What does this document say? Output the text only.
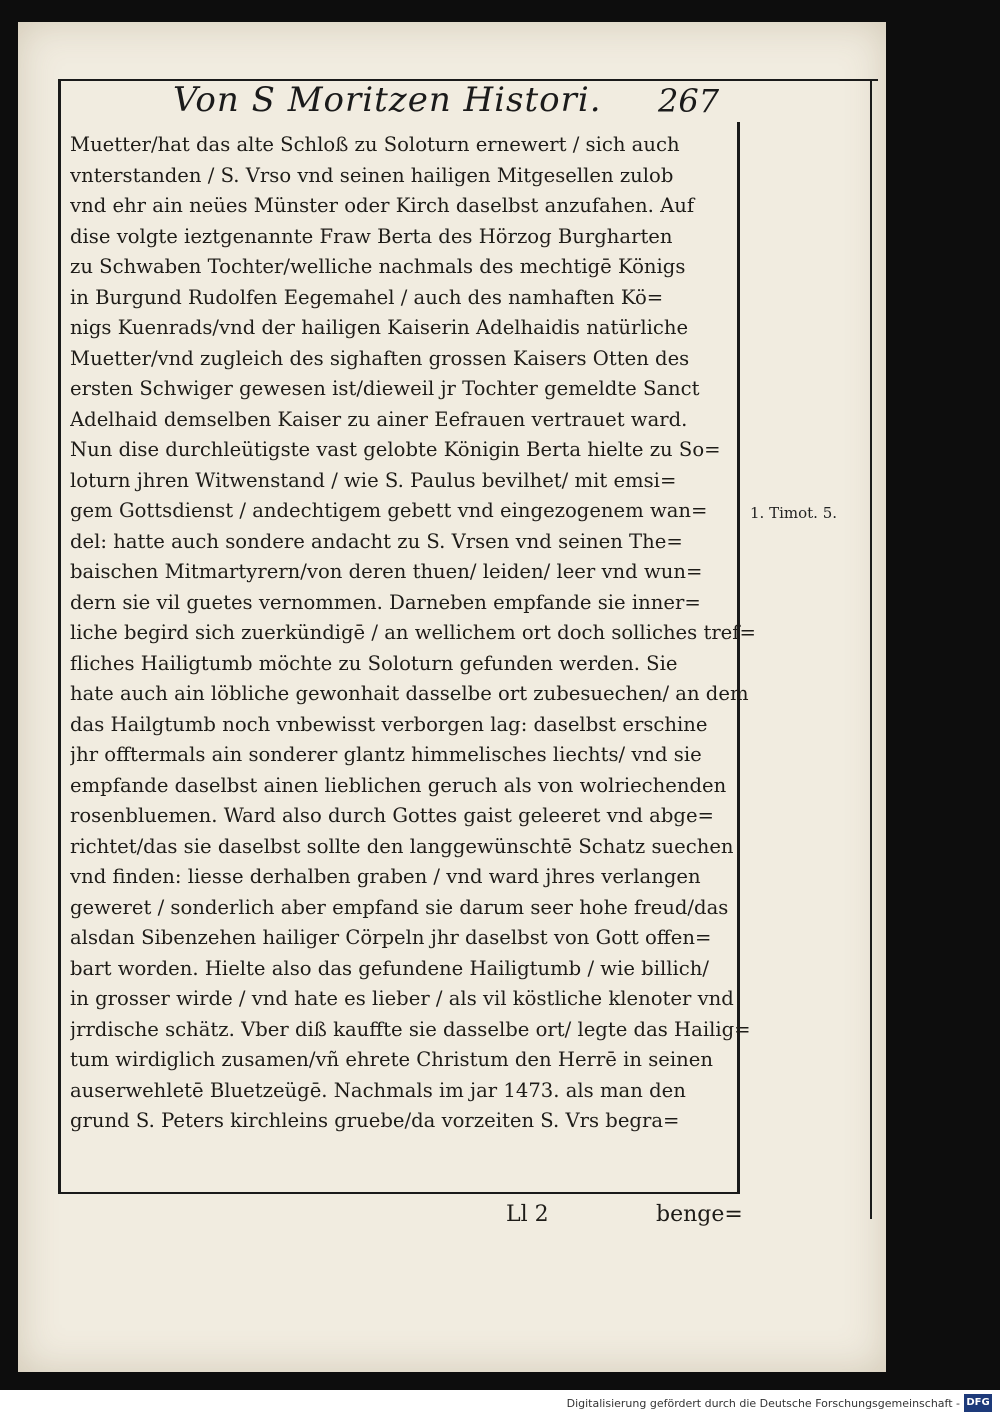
Von S Moritzen Histori. 267
Muetter/hat das alte Schloß zu Soloturn ernewert / sich auch
vnterstanden / S. Vrso vnd seinen hailigen Mitgesellen zulob
vnd ehr ain neües Münster oder Kirch daselbst anzufahen. Auf
dise volgte ieztgenannte Fraw Berta des Hörzog Burgharten
zu Schwaben Tochter/welliche nachmals des mechtigē Königs
in Burgund Rudolfen Eegemahel / auch des namhaften Kö=
nigs Kuenrads/vnd der hailigen Kaiserin Adelhaidis natürliche
Muetter/vnd zugleich des sighaften grossen Kaisers Otten des
ersten Schwiger gewesen ist/dieweil jr Tochter gemeldte Sanct
Adelhaid demselben Kaiser zu ainer Eefrauen vertrauet ward.
Nun dise durchleütigste vast gelobte Königin Berta hielte zu So=
loturn jhren Witwenstand / wie S. Paulus bevilhet/ mit emsi=
gem Gottsdienst / andechtigem gebett vnd eingezogenem wan=
del: hatte auch sondere andacht zu S. Vrsen vnd seinen The=
baischen Mitmartyrern/von deren thuen/ leiden/ leer vnd wun=
dern sie vil guetes vernommen. Darneben empfande sie inner=
liche begird sich zuerkündigē / an wellichem ort doch solliches tref=
fliches Hailigtumb möchte zu Soloturn gefunden werden. Sie
hate auch ain löbliche gewonhait dasselbe ort zubesuechen/ an dem
das Hailgtumb noch vnbewisst verborgen lag: daselbst erschine
jhr offtermals ain sonderer glantz himmelisches liechts/ vnd sie
empfande daselbst ainen lieblichen geruch als von wolriechenden
rosenbluemen. Ward also durch Gottes gaist geleeret vnd abge=
richtet/das sie daselbst sollte den langgewünschtē Schatz suechen
vnd finden: liesse derhalben graben / vnd ward jhres verlangen
geweret / sonderlich aber empfand sie darum seer hohe freud/das
alsdan Sibenzehen hailiger Cörpeln jhr daselbst von Gott offen=
bart worden. Hielte also das gefundene Hailigtumb / wie billich/
in grosser wirde / vnd hate es lieber / als vil köstliche klenoter vnd
jrrdische schätz. Vber diß kauffte sie dasselbe ort/ legte das Hailig=
tum wirdiglich zusamen/vñ ehrete Christum den Herrē in seinen
auserwehletē Bluetzeügē. Nachmals im jar 1473. als man den
grund S. Peters kirchleins gruebe/da vorzeiten S. Vrs begra=
1. Timot. 5.
Ll 2	benge=
Digitalisierung gefördert durch die Deutsche Forschungsgemeinschaft - DFG
